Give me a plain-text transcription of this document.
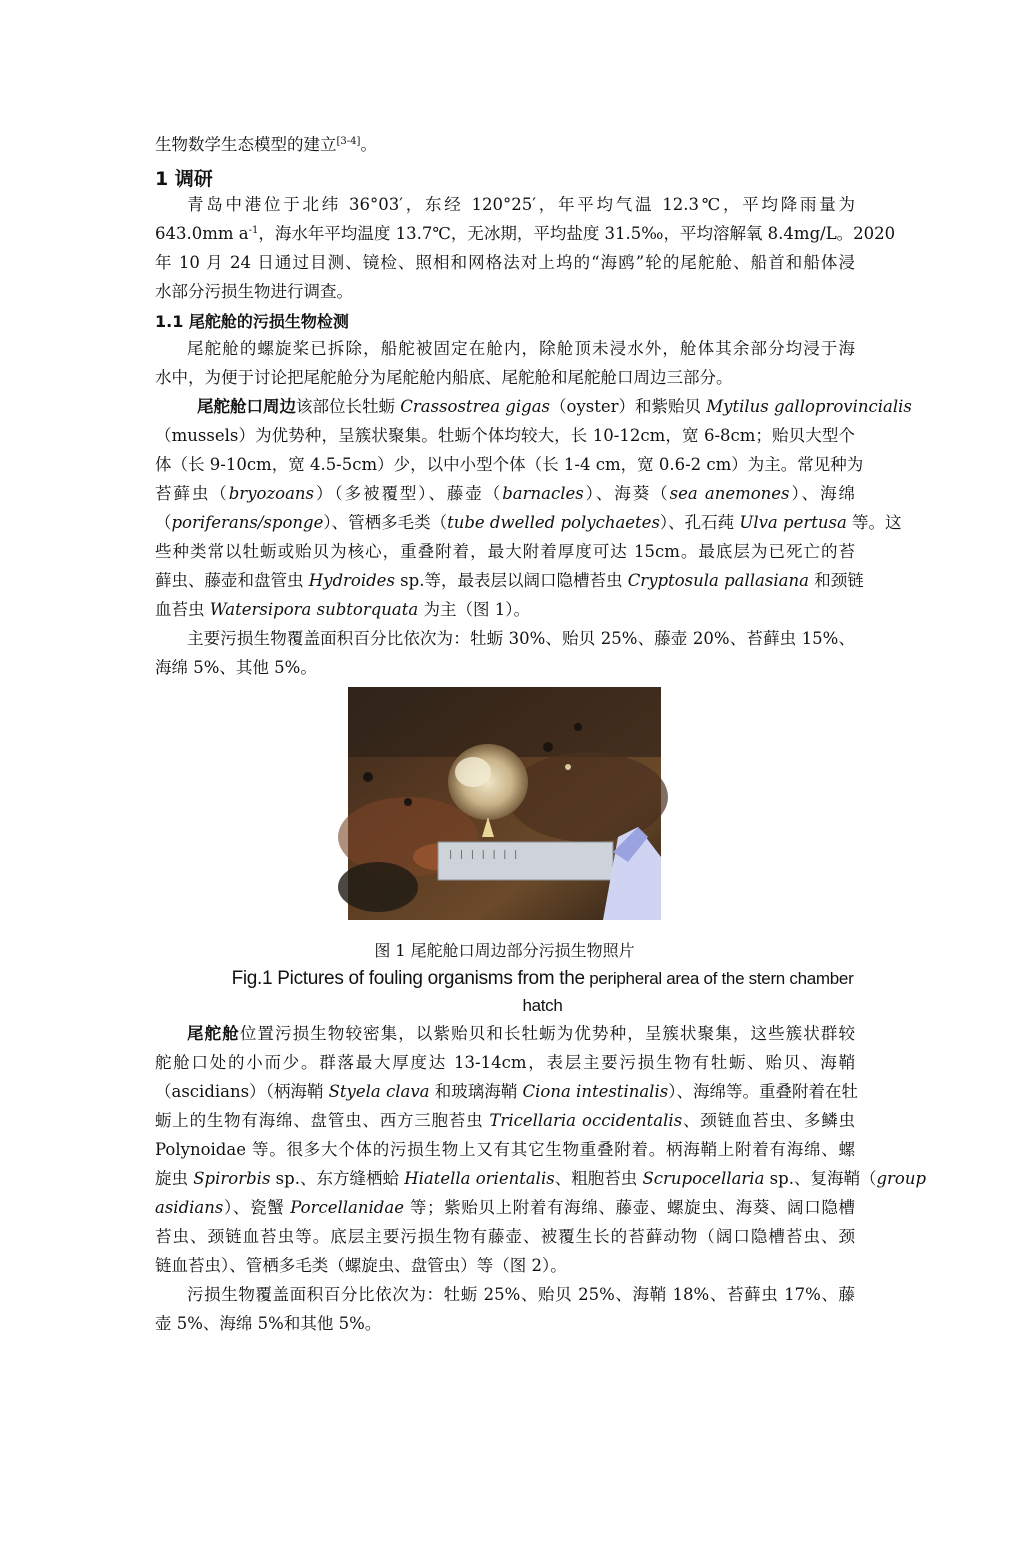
生物数学生态模型的建立[3-4]。
1 调研
青岛中港位于北纬 36°03′，东经 120°25′，年平均气温 12.3℃，平均降雨量为
643.0mm $a^{-1}$，海水年平均温度 13.7℃，无冰期，平均盐度 31.5‰，平均溶解氧 8.4mg/L。2020
年 10 月 24 日通过目测、镜检、照相和网格法对上坞的“海鸥”轮的尾舵舱、船首和船体浸
水部分污损生物进行调查。
1.1 尾舵舱的污损生物检测
尾舵舱的螺旋桨已拆除，船舵被固定在舱内，除舱顶未浸水外，舱体其余部分均浸于海
水中，为便于讨论把尾舵舱分为尾舵舱内船底、尾舵舱和尾舵舱口周边三部分。
尾舵舱口周边该部位长牡蛎 Crassostrea gigas（oyster）和紫贻贝 Mytilus galloprovincialis
（mussels）为优势种，呈簇状聚集。牡蛎个体均较大，长 10-12cm，宽 6-8cm；贻贝大型个
体（长 9-10cm，宽 4.5-5cm）少，以中小型个体（长 1-4 cm，宽 0.6-2 cm）为主。常见种为
苔藓虫（bryozoans）（多被覆型）、藤壶（barnacles）、海葵（sea anemones）、海绵
（poriferans/sponge）、管栖多毛类（tube dwelled polychaetes）、孔石莼 Ulva pertusa 等。这
些种类常以牡蛎或贻贝为核心，重叠附着，最大附着厚度可达 15cm。最底层为已死亡的苔
藓虫、藤壶和盘管虫 Hydroides sp.等，最表层以阔口隐槽苔虫 Cryptosula pallasiana 和颈链
血苔虫 Watersipora subtorquata 为主（图 1）。
主要污损生物覆盖面积百分比依次为：牡蛎 30%、贻贝 25%、藤壶 20%、苔藓虫 15%、
海绵 5%、其他 5%。
| | | | | | |
图 1 尾舵舱口周边部分污损生物照片
Fig.1 Pictures of fouling organisms from the peripheral area of the stern chamber
hatch
尾舵舱位置污损生物较密集，以紫贻贝和长牡蛎为优势种，呈簇状聚集，这些簇状群较
舵舱口处的小而少。群落最大厚度达 13-14cm，表层主要污损生物有牡蛎、贻贝、海鞘
（ascidians）（柄海鞘 Styela clava 和玻璃海鞘 Ciona intestinalis）、海绵等。重叠附着在牡
蛎上的生物有海绵、盘管虫、西方三胞苔虫 Tricellaria occidentalis、颈链血苔虫、多鳞虫
Polynoidae 等。很多大个体的污损生物上又有其它生物重叠附着。柄海鞘上附着有海绵、螺
旋虫 Spirorbis sp.、东方缝栖蛤 Hiatella orientalis、粗胞苔虫 Scrupocellaria sp.、复海鞘（group
asidians）、瓷蟹 Porcellanidae 等；紫贻贝上附着有海绵、藤壶、螺旋虫、海葵、阔口隐槽
苔虫、颈链血苔虫等。底层主要污损生物有藤壶、被覆生长的苔藓动物（阔口隐槽苔虫、颈
链血苔虫）、管栖多毛类（螺旋虫、盘管虫）等（图 2）。
污损生物覆盖面积百分比依次为：牡蛎 25%、贻贝 25%、海鞘 18%、苔藓虫 17%、藤
壶 5%、海绵 5%和其他 5%。
